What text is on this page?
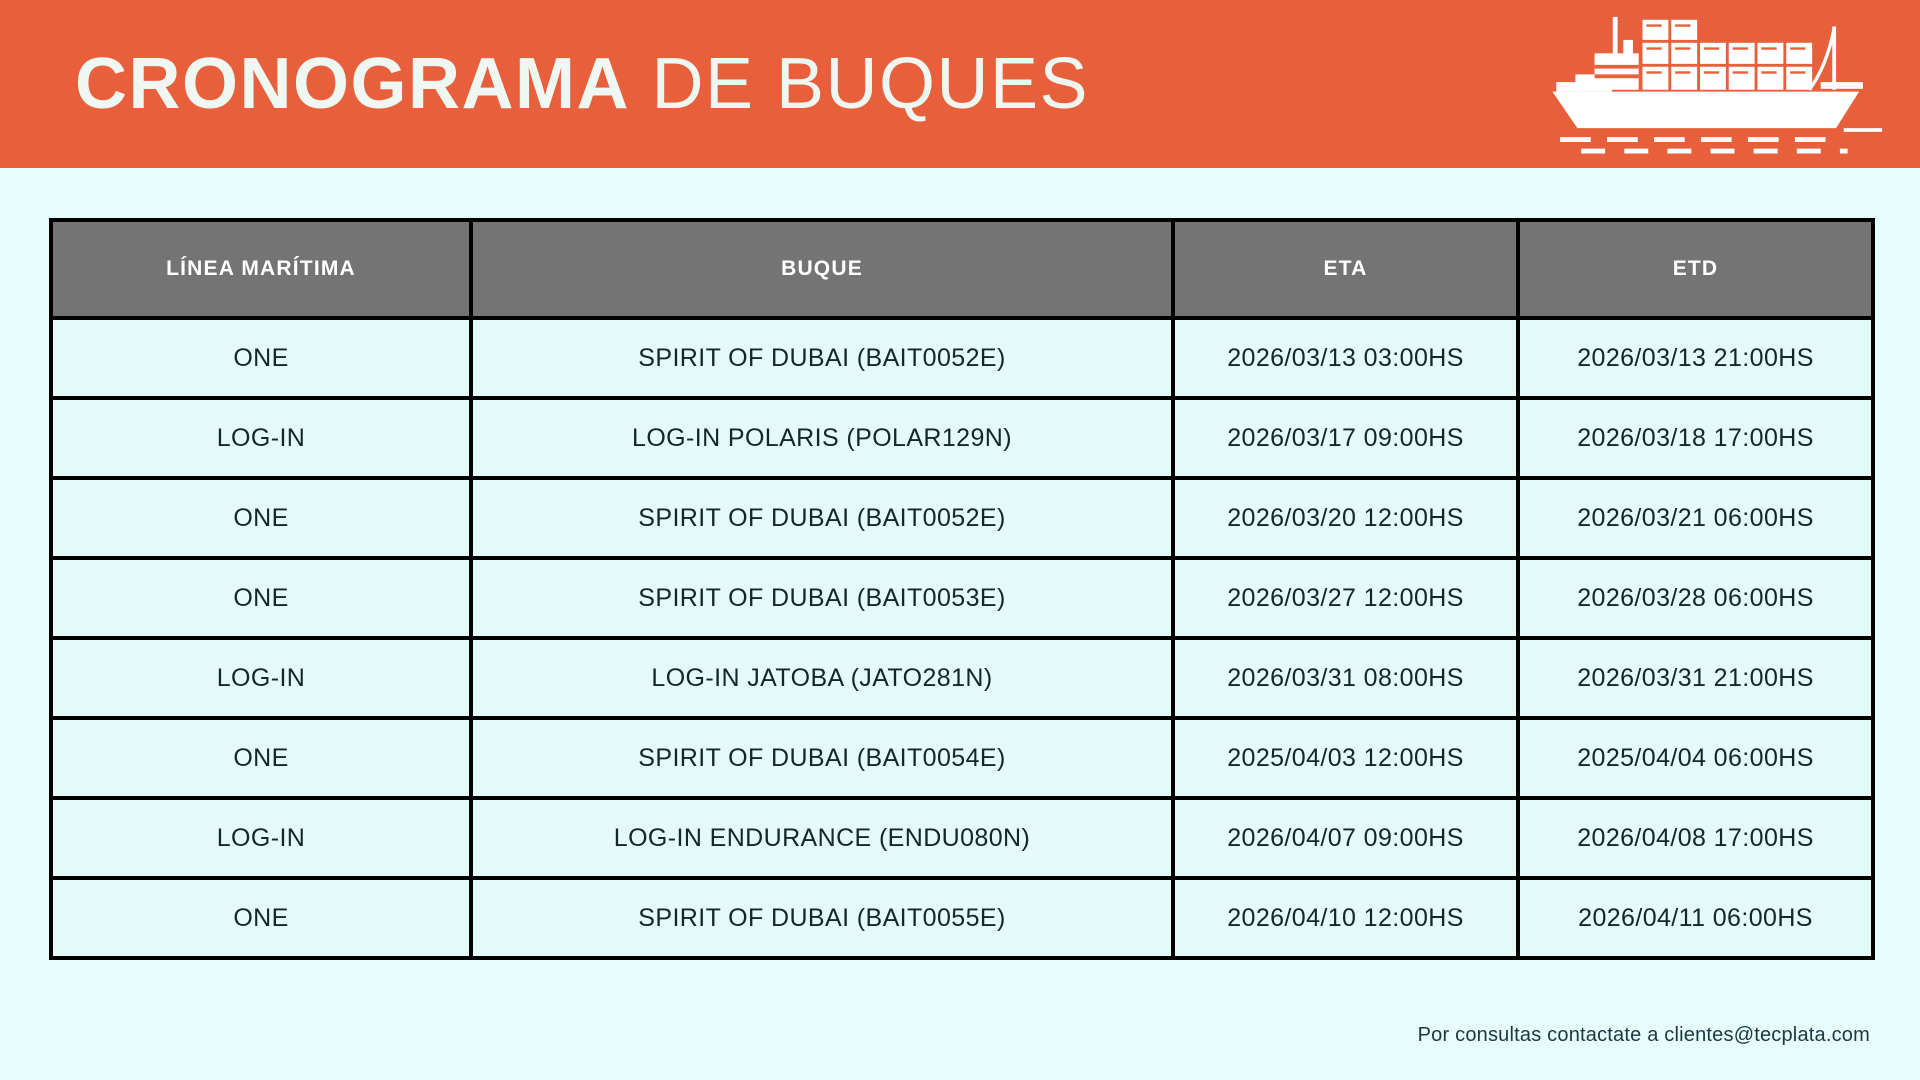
CRONOGRAMA DE BUQUES
LÍNEA MARÍTIMA	BUQUE	ETA	ETD
ONE	SPIRIT OF DUBAI (BAIT0052E)	2026/03/13 03:00HS	2026/03/13 21:00HS
LOG-IN	LOG-IN POLARIS (POLAR129N)	2026/03/17 09:00HS	2026/03/18 17:00HS
ONE	SPIRIT OF DUBAI (BAIT0052E)	2026/03/20 12:00HS	2026/03/21 06:00HS
ONE	SPIRIT OF DUBAI (BAIT0053E)	2026/03/27 12:00HS	2026/03/28 06:00HS
LOG-IN	LOG-IN JATOBA (JATO281N)	2026/03/31 08:00HS	2026/03/31 21:00HS
ONE	SPIRIT OF DUBAI (BAIT0054E)	2025/04/03 12:00HS	2025/04/04 06:00HS
LOG-IN	LOG-IN ENDURANCE (ENDU080N)	2026/04/07 09:00HS	2026/04/08 17:00HS
ONE	SPIRIT OF DUBAI (BAIT0055E)	2026/04/10 12:00HS	2026/04/11 06:00HS
Por consultas contactate a clientes@tecplata.com
